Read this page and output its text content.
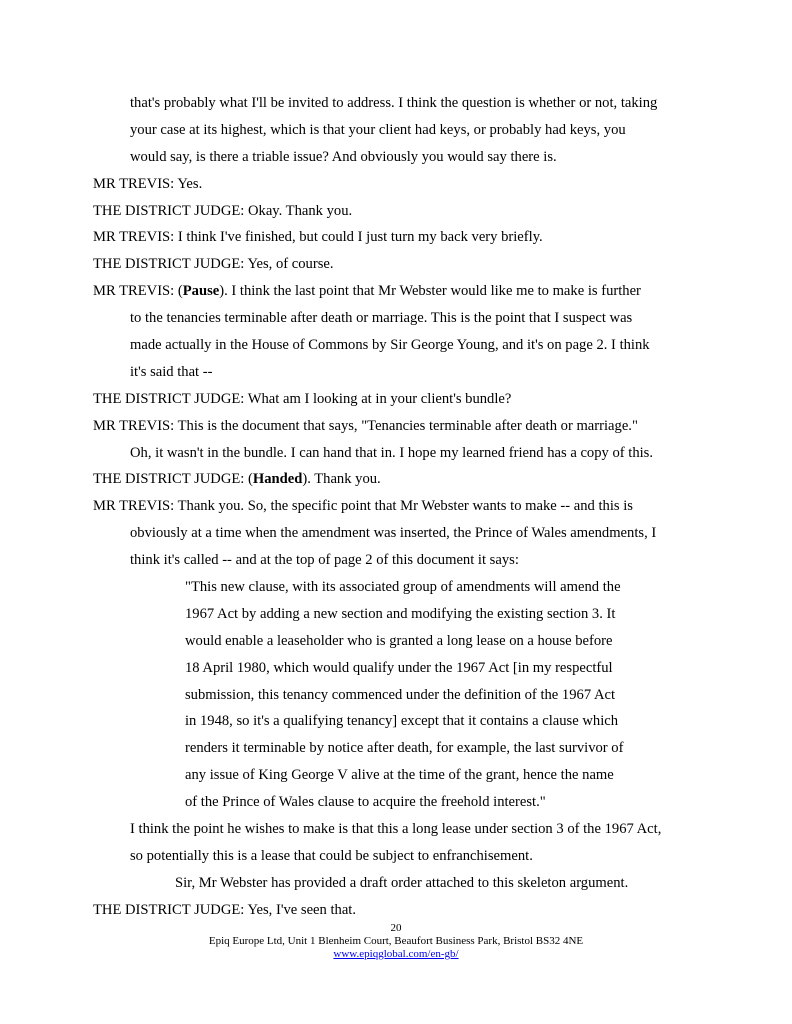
that's probably what I'll be invited to address. I think the question is whether or not, taking
your case at its highest, which is that your client had keys, or probably had keys, you
would say, is there a triable issue? And obviously you would say there is.
MR TREVIS: Yes.
THE DISTRICT JUDGE: Okay. Thank you.
MR TREVIS: I think I've finished, but could I just turn my back very briefly.
THE DISTRICT JUDGE: Yes, of course.
MR TREVIS: (Pause). I think the last point that Mr Webster would like me to make is further
to the tenancies terminable after death or marriage. This is the point that I suspect was
made actually in the House of Commons by Sir George Young, and it's on page 2. I think
it's said that --
THE DISTRICT JUDGE: What am I looking at in your client's bundle?
MR TREVIS: This is the document that says, "Tenancies terminable after death or marriage."
Oh, it wasn't in the bundle. I can hand that in. I hope my learned friend has a copy of this.
THE DISTRICT JUDGE: (Handed). Thank you.
MR TREVIS: Thank you. So, the specific point that Mr Webster wants to make -- and this is
obviously at a time when the amendment was inserted, the Prince of Wales amendments, I
think it's called -- and at the top of page 2 of this document it says:
"This new clause, with its associated group of amendments will amend the
1967 Act by adding a new section and modifying the existing section 3. It
would enable a leaseholder who is granted a long lease on a house before
18 April 1980, which would qualify under the 1967 Act [in my respectful
submission, this tenancy commenced under the definition of the 1967 Act
in 1948, so it's a qualifying tenancy] except that it contains a clause which
renders it terminable by notice after death, for example, the last survivor of
any issue of King George V alive at the time of the grant, hence the name
of the Prince of Wales clause to acquire the freehold interest."
I think the point he wishes to make is that this a long lease under section 3 of the 1967 Act,
so potentially this is a lease that could be subject to enfranchisement.
Sir, Mr Webster has provided a draft order attached to this skeleton argument.
THE DISTRICT JUDGE: Yes, I've seen that.
20
Epiq Europe Ltd, Unit 1 Blenheim Court, Beaufort Business Park, Bristol BS32 4NE
www.epiqglobal.com/en-gb/
